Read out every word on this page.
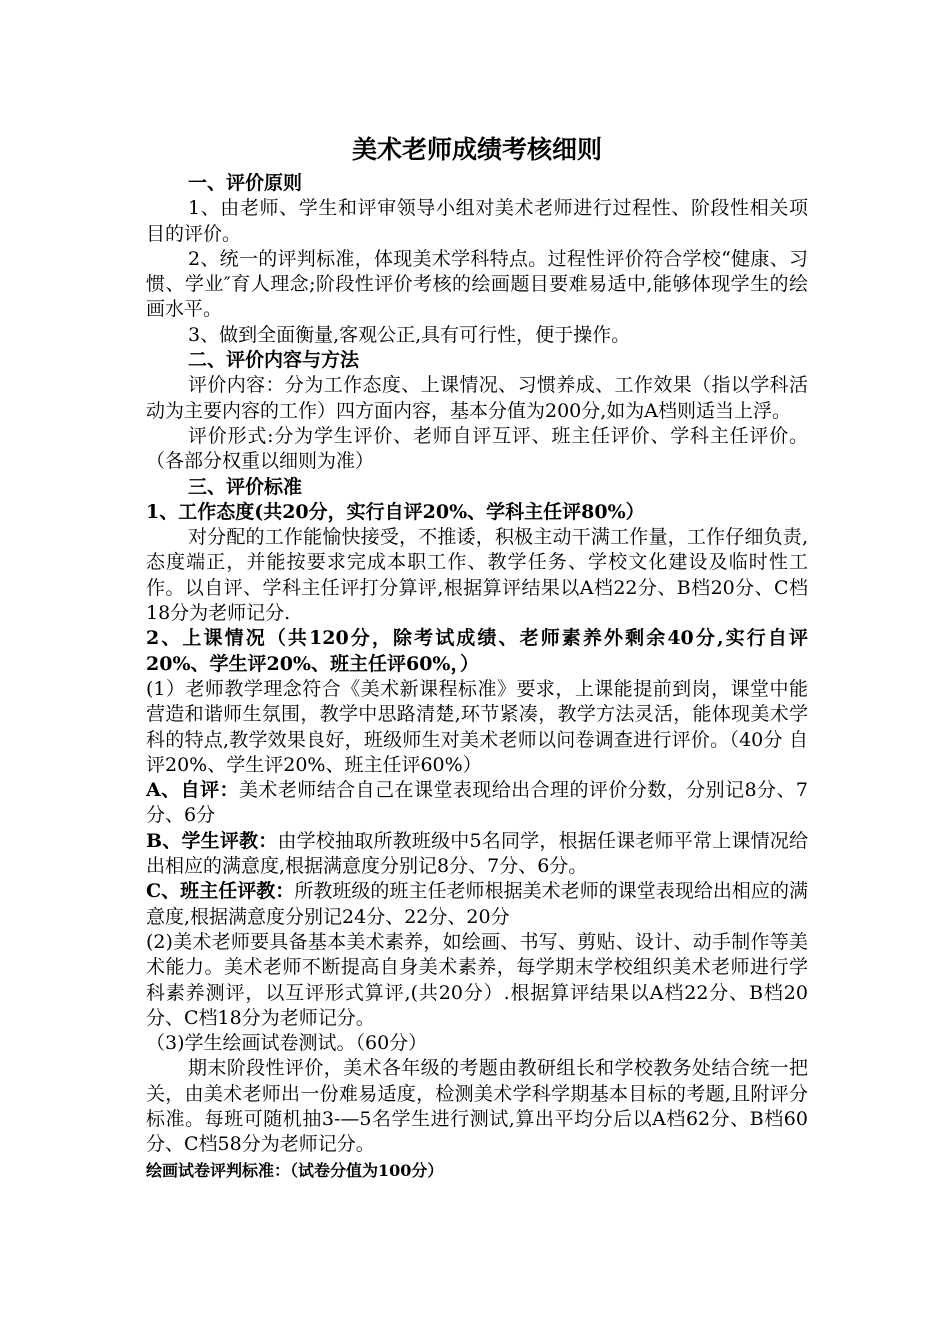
美术老师成绩考核细则

一、评价原则

1、由老师、学生和评审领导小组对美术老师进行过程性、阶段性相关项目的评价。

2、统一的评判标准，体现美术学科特点。过程性评价符合学校“健康、习惯、学业″育人理念;阶段性评价考核的绘画题目要难易适中,能够体现学生的绘画水平。

3、做到全面衡量,客观公正,具有可行性，便于操作。

二、评价内容与方法

评价内容：分为工作态度、上课情况、习惯养成、工作效果（指以学科活动为主要内容的工作）四方面内容，基本分值为200分,如为A档则适当上浮。

评价形式:分为学生评价、老师自评互评、班主任评价、学科主任评价。（各部分权重以细则为准）

三、评价标准

1、工作态度(共20分，实行自评20%、学科主任评80%）

对分配的工作能愉快接受，不推诿，积极主动干满工作量，工作仔细负责,态度端正，并能按要求完成本职工作、教学任务、学校文化建设及临时性工作。以自评、学科主任评打分算评,根据算评结果以A档22分、B档20分、C档18分为老师记分.

2、上课情况（共120分，除考试成绩、老师素养外剩余40分,实行自评20%、学生评20%、班主任评60%，）

(1）老师教学理念符合《美术新课程标准》要求，上课能提前到岗，课堂中能营造和谐师生氛围，教学中思路清楚,环节紧凑，教学方法灵活，能体现美术学科的特点,教学效果良好，班级师生对美术老师以问卷调查进行评价。（40分 自评20%、学生评20%、班主任评60%）

A、自评：美术老师结合自己在课堂表现给出合理的评价分数，分别记8分、7分、6分

B、学生评教：由学校抽取所教班级中5名同学，根据任课老师平常上课情况给出相应的满意度,根据满意度分别记8分、7分、6分。

C、班主任评教：所教班级的班主任老师根据美术老师的课堂表现给出相应的满意度,根据满意度分别记24分、22分、20分

(2)美术老师要具备基本美术素养，如绘画、书写、剪贴、设计、动手制作等美术能力。美术老师不断提高自身美术素养，每学期末学校组织美术老师进行学科素养测评，以互评形式算评,(共20分）.根据算评结果以A档22分、B档20分、C档18分为老师记分。

（3)学生绘画试卷测试。（60分）

期末阶段性评价，美术各年级的考题由教研组长和学校教务处结合统一把关，由美术老师出一份难易适度，检测美术学科学期基本目标的考题,且附评分标准。每班可随机抽3-—5名学生进行测试,算出平均分后以A档62分、B档60分、C档58分为老师记分。

绘画试卷评判标准：（试卷分值为100分）
